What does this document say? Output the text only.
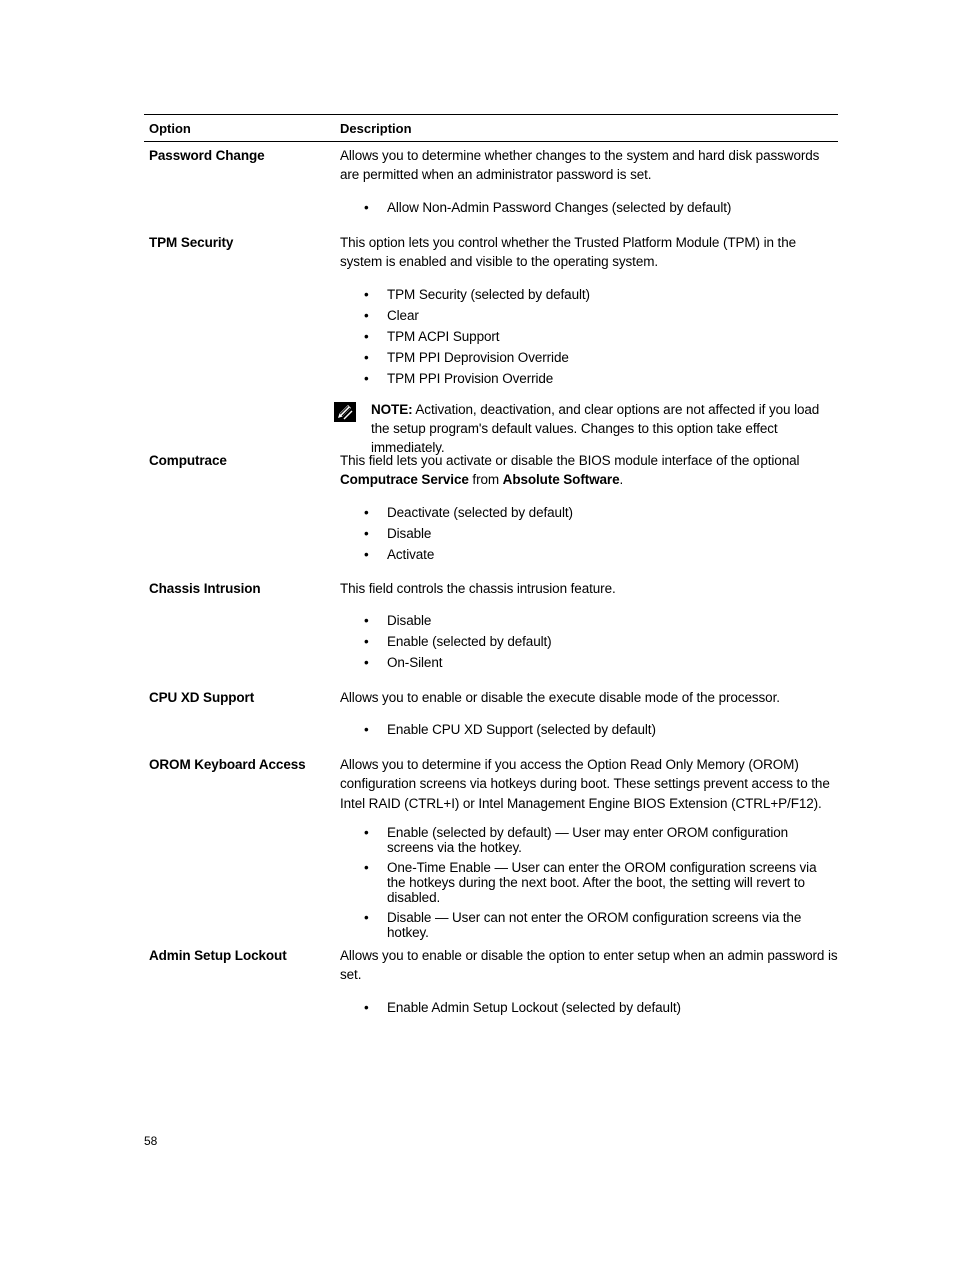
Option	Description
Password Change	Allows you to determine whether changes to the system and hard disk passwords are permitted when an administrator password is set.

• Allow Non-Admin Password Changes (selected by default)
TPM Security	This option lets you control whether the Trusted Platform Module (TPM) in the system is enabled and visible to the operating system.

• TPM Security (selected by default)
• Clear
• TPM ACPI Support
• TPM PPI Deprovision Override
• TPM PPI Provision Override
NOTE: Activation, deactivation, and clear options are not affected if you load the setup program's default values. Changes to this option take effect immediately.
Computrace	This field lets you activate or disable the BIOS module interface of the optional Computrace Service from Absolute Software.

• Deactivate (selected by default)
• Disable
• Activate
Chassis Intrusion	This field controls the chassis intrusion feature.

• Disable
• Enable (selected by default)
• On-Silent
CPU XD Support	Allows you to enable or disable the execute disable mode of the processor.

• Enable CPU XD Support (selected by default)
OROM Keyboard Access	Allows you to determine if you access the Option Read Only Memory (OROM) configuration screens via hotkeys during boot. These settings prevent access to the Intel RAID (CTRL+I) or Intel Management Engine BIOS Extension (CTRL+P/F12).

• Enable (selected by default) — User may enter OROM configuration screens via the hotkey.
• One-Time Enable — User can enter the OROM configuration screens via the hotkeys during the next boot. After the boot, the setting will revert to disabled.
• Disable — User can not enter the OROM configuration screens via the hotkey.
Admin Setup Lockout	Allows you to enable or disable the option to enter setup when an admin password is set.

• Enable Admin Setup Lockout (selected by default)
58
